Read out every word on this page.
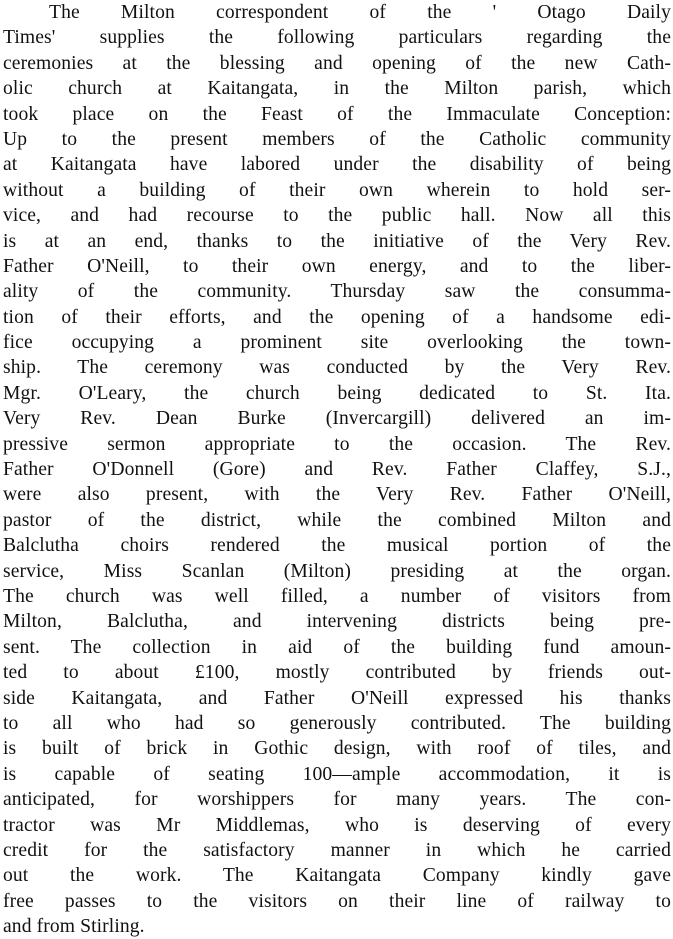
The Milton correspondent of the ' Otago Daily
Times' supplies the following particulars regarding the
ceremonies at the blessing and opening of the new Cath-
olic church at Kaitangata, in the Milton parish, which
took place on the Feast of the Immaculate Conception:
Up to the present members of the Catholic community
at Kaitangata have labored under the disability of being
without a building of their own wherein to hold ser-
vice, and had recourse to the public hall. Now all this
is at an end, thanks to the initiative of the Very Rev.
Father O'Neill, to their own energy, and to the liber-
ality of the community. Thursday saw the consumma-
tion of their efforts, and the opening of a handsome edi-
fice occupying a prominent site overlooking the town-
ship. The ceremony was conducted by the Very Rev.
Mgr. O'Leary, the church being dedicated to St. Ita.
Very Rev. Dean Burke (Invercargill) delivered an im-
pressive sermon appropriate to the occasion. The Rev.
Father O'Donnell (Gore) and Rev. Father Claffey, S.J.,
were also present, with the Very Rev. Father O'Neill,
pastor of the district, while the combined Milton and
Balclutha choirs rendered the musical portion of the
service, Miss Scanlan (Milton) presiding at the organ.
The church was well filled, a number of visitors from
Milton, Balclutha, and intervening districts being pre-
sent. The collection in aid of the building fund amoun-
ted to about £100, mostly contributed by friends out-
side Kaitangata, and Father O'Neill expressed his thanks
to all who had so generously contributed. The building
is built of brick in Gothic design, with roof of tiles, and
is capable of seating 100—ample accommodation, it is
anticipated, for worshippers for many years. The con-
tractor was Mr Middlemas, who is deserving of every
credit for the satisfactory manner in which he carried
out the work. The Kaitangata Company kindly gave
free passes to the visitors on their line of railway to
and from Stirling.
